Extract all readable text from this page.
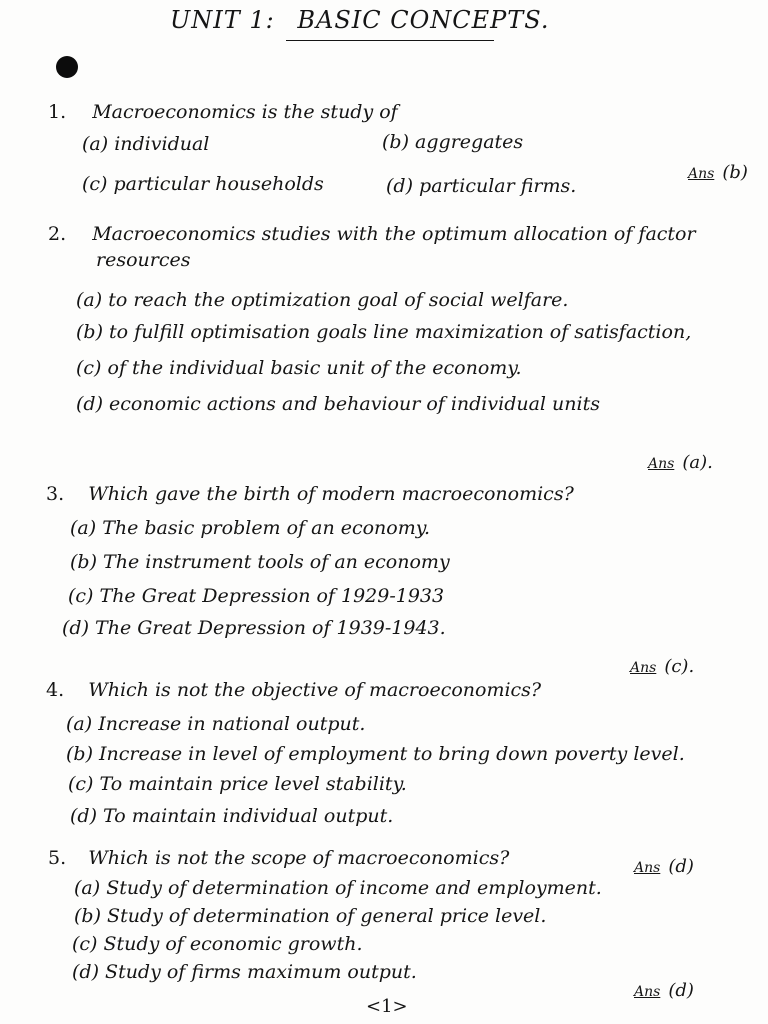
UNIT 1: BASIC CONCEPTS.
1. Macroeconomics is the study of
(a) individual	(b) aggregates
(c) particular households	(d) particular firms.
Ans (b)
2. Macroeconomics studies with the optimum allocation of factor
resources
(a) to reach the optimization goal of social welfare.
(b) to fulfill optimisation goals line maximization of satisfaction,
(c) of the individual basic unit of the economy.
(d) economic actions and behaviour of individual units
Ans (a).
3. Which gave the birth of modern macroeconomics?
(a) The basic problem of an economy.
(b) The instrument tools of an economy
(c) The Great Depression of 1929-1933
(d) The Great Depression of 1939-1943.
Ans (c).
4. Which is not the objective of macroeconomics?
(a) Increase in national output.
(b) Increase in level of employment to bring down poverty level.
(c) To maintain price level stability.
(d) To maintain individual output.
5. Which is not the scope of macroeconomics?	Ans (d)
(a) Study of determination of income and employment.
(b) Study of determination of general price level.
(c) Study of economic growth.
(d) Study of firms maximum output.
Ans (d)
<1>
